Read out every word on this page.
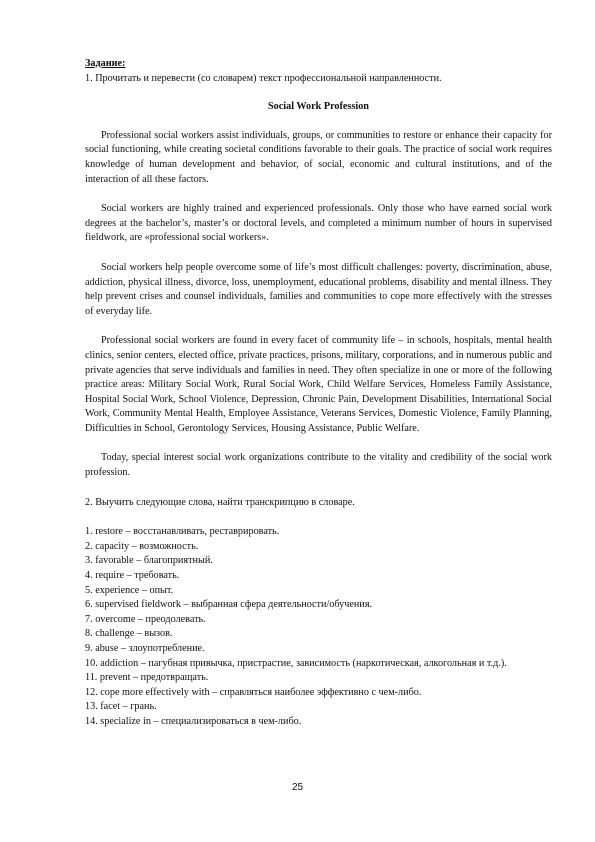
Задание:

1. Прочитать и перевести (со словарем) текст профессиональной направленности.

Social Work Profession

Professional social workers assist individuals, groups, or communities to restore or enhance their capacity for social functioning, while creating societal conditions favorable to their goals. The practice of social work requires knowledge of human development and behavior, of social, economic and cultural institutions, and of the interaction of all these factors.

Social workers are highly trained and experienced professionals. Only those who have earned social work degrees at the bachelor’s, master’s or doctoral levels, and completed a minimum number of hours in supervised fieldwork, are «professional social workers».

Social workers help people overcome some of life’s most difficult challenges: poverty, discrimination, abuse, addiction, physical illness, divorce, loss, unemployment, educational problems, disability and mental illness. They help prevent crises and counsel individuals, families and communities to cope more effectively with the stresses of everyday life.

Professional social workers are found in every facet of community life – in schools, hospitals, mental health clinics, senior centers, elected office, private practices, prisons, military, corporations, and in numerous public and private agencies that serve individuals and families in need. They often specialize in one or more of the following practice areas: Military Social Work, Rural Social Work, Child Welfare Services, Homeless Family Assistance, Hospital Social Work, School Violence, Depression, Chronic Pain, Development Disabilities, International Social Work, Community Mental Health, Employee Assistance, Veterans Services, Domestic Violence, Family Planning, Difficulties in School, Gerontology Services, Housing Assistance, Public Welfare.

Today, special interest social work organizations contribute to the vitality and credibility of the social work profession.

2. Выучить следующие слова, найти транскрипцию в словаре.

1. restore – восстанавливать, реставрировать.
2. capacity – возможность.
3. favorable – благоприятный.
4. require – требовать.
5. experience – опыт.
6. supervised fieldwork – выбранная сфера деятельности/обучения.
7. overcome – преодолевать.
8. challenge – вызов.
9. abuse – злоупотребление.
10. addiction – пагубная привычка, пристрастие, зависимость (наркотическая, алкогольная и т.д.).
11. prevent – предотвращать.
12. cope more effectively with – справляться наиболее эффективно с чем-либо.
13. facet – грань.
14. specialize in – специализироваться в чем-либо.
25
